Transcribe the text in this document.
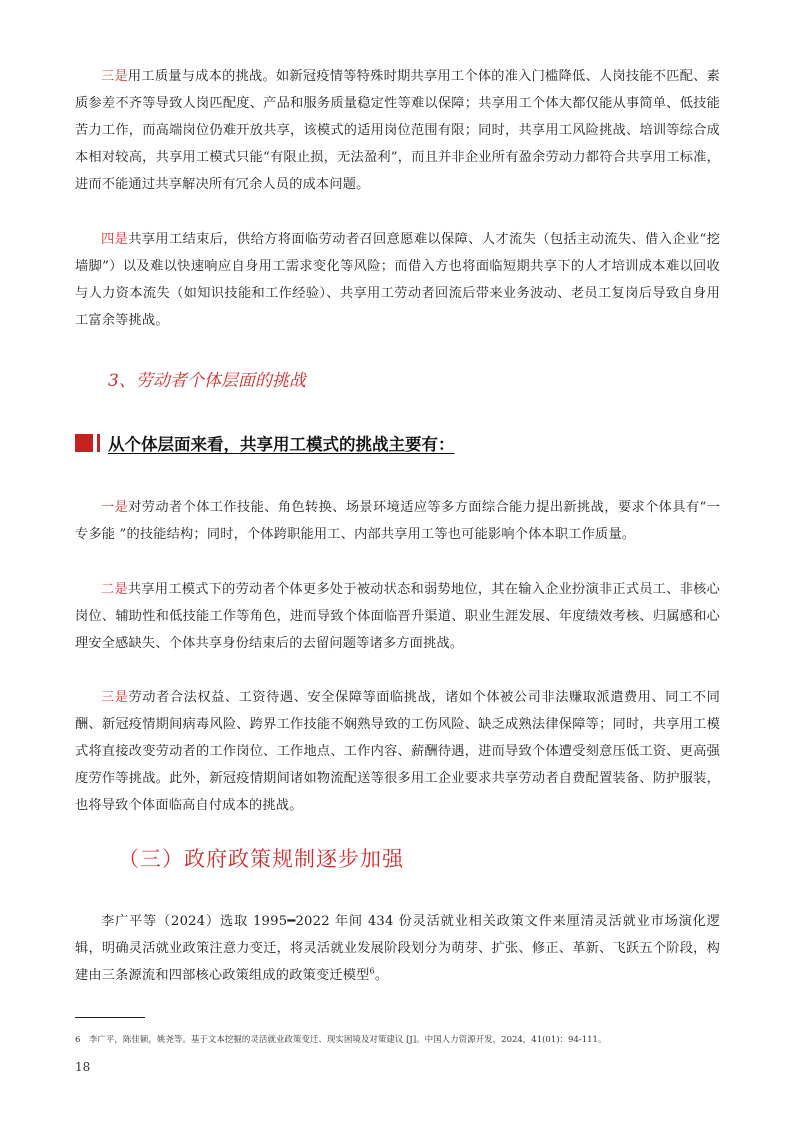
三是用工质量与成本的挑战。如新冠疫情等特殊时期共享用工个体的准入门槛降低、人岗技能不匹配、素质参差不齐等导致人岗匹配度、产品和服务质量稳定性等难以保障；共享用工个体大都仅能从事简单、低技能苦力工作，而高端岗位仍难开放共享，该模式的适用岗位范围有限；同时，共享用工风险挑战、培训等综合成本相对较高，共享用工模式只能“有限止损，无法盈利”，而且并非企业所有盈余劳动力都符合共享用工标准，进而不能通过共享解决所有冗余人员的成本问题。

四是共享用工结束后，供给方将面临劳动者召回意愿难以保障、人才流失（包括主动流失、借入企业“挖墙脚”）以及难以快速响应自身用工需求变化等风险；而借入方也将面临短期共享下的人才培训成本难以回收与人力资本流失（如知识技能和工作经验）、共享用工劳动者回流后带来业务波动、老员工复岗后导致自身用工富余等挑战。

3、劳动者个体层面的挑战
从个体层面来看，共享用工模式的挑战主要有：

一是对劳动者个体工作技能、角色转换、场景环境适应等多方面综合能力提出新挑战，要求个体具有“一专多能 ”的技能结构；同时，个体跨职能用工、内部共享用工等也可能影响个体本职工作质量。

二是共享用工模式下的劳动者个体更多处于被动状态和弱势地位，其在输入企业扮演非正式员工、非核心岗位、辅助性和低技能工作等角色，进而导致个体面临晋升渠道、职业生涯发展、年度绩效考核、归属感和心理安全感缺失、个体共享身份结束后的去留问题等诸多方面挑战。

三是劳动者合法权益、工资待遇、安全保障等面临挑战，诸如个体被公司非法赚取派遣费用、同工不同酬、新冠疫情期间病毒风险、跨界工作技能不娴熟导致的工伤风险、缺乏成熟法律保障等；同时，共享用工模式将直接改变劳动者的工作岗位、工作地点、工作内容、薪酬待遇，进而导致个体遭受刻意压低工资、更高强度劳作等挑战。此外，新冠疫情期间诸如物流配送等很多用工企业要求共享劳动者自费配置装备、防护服装，也将导致个体面临高自付成本的挑战。

（三）政府政策规制逐步加强

李广平等（2024）选取 1995━2022 年间 434 份灵活就业相关政策文件来厘清灵活就业市场演化逻辑，明确灵活就业政策注意力变迁，将灵活就业发展阶段划分为萌芽、扩张、修正、革新、飞跃五个阶段，构建由三条源流和四部核心政策组成的政策变迁模型$^6$。

6　李广平，陈佳颖，姚尧等。基于文本挖掘的灵活就业政策变迁、现实困境及对策建议 [J]。中国人力资源开发，2024，41(01)：94-111。
18
